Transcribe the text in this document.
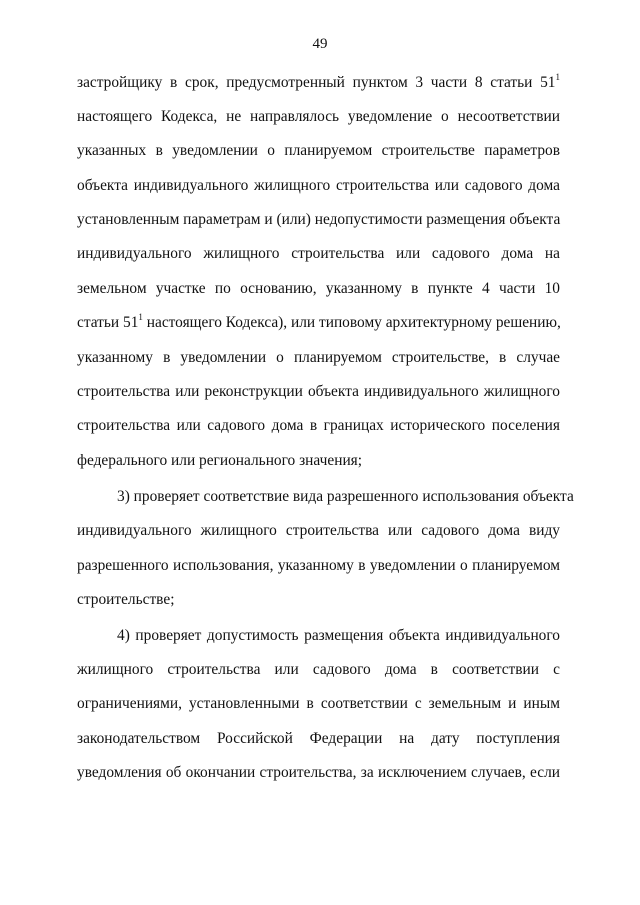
49
застройщику в срок, предусмотренный пунктом 3 части 8 статьи $51^1$
настоящего Кодекса, не направлялось уведомление о несоответствии
указанных в уведомлении о планируемом строительстве параметров
объекта индивидуального жилищного строительства или садового дома
установленным параметрам и (или) недопустимости размещения объекта
индивидуального жилищного строительства или садового дома на
земельном участке по основанию, указанному в пункте 4 части 10
статьи $51^1$ настоящего Кодекса), или типовому архитектурному решению,
указанному в уведомлении о планируемом строительстве, в случае
строительства или реконструкции объекта индивидуального жилищного
строительства или садового дома в границах исторического поселения
федерального или регионального значения;
3) проверяет соответствие вида разрешенного использования объекта
индивидуального жилищного строительства или садового дома виду
разрешенного использования, указанному в уведомлении о планируемом
строительстве;
4) проверяет допустимость размещения объекта индивидуального
жилищного строительства или садового дома в соответствии с
ограничениями, установленными в соответствии с земельным и иным
законодательством Российской Федерации на дату поступления
уведомления об окончании строительства, за исключением случаев, если
